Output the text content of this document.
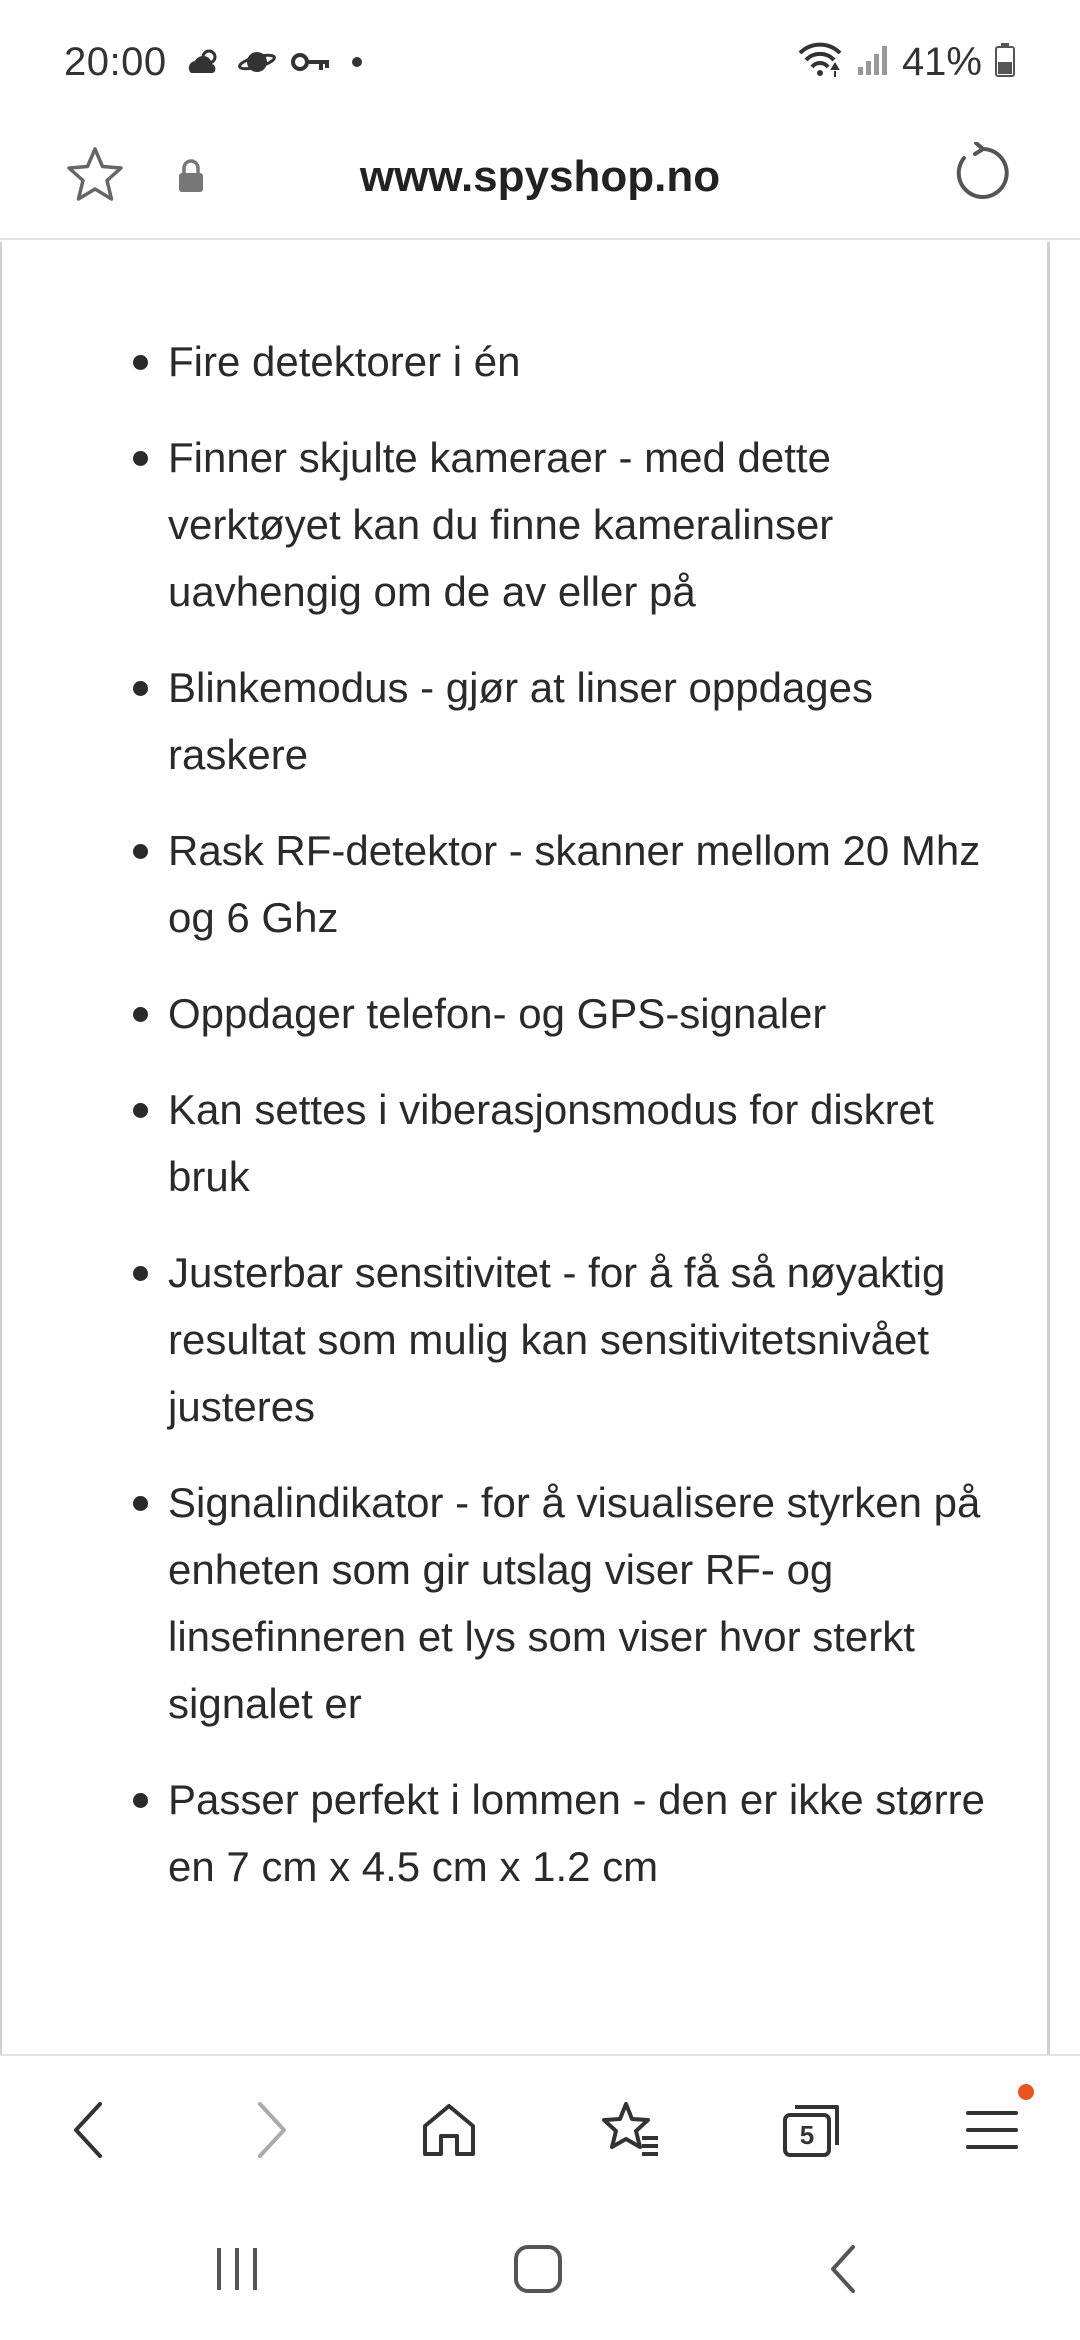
20:00	41%
www.spyshop.no
Fire detektorer i én
Finner skjulte kameraer - med dette verktøyet kan du finne kameralinser uavhengig om de av eller på
Blinkemodus - gjør at linser oppdages raskere
Rask RF-detektor - skanner mellom 20 Mhz og 6 Ghz
Oppdager telefon- og GPS-signaler
Kan settes i viberasjonsmodus for diskret bruk
Justerbar sensitivitet - for å få så nøyaktig resultat som mulig kan sensitivitetsnivået justeres
Signalindikator - for å visualisere styrken på enheten som gir utslag viser RF- og linsefinneren et lys som viser hvor sterkt signalet er
Passer perfekt i lommen - den er ikke større en 7 cm x 4.5 cm x 1.2 cm
5
